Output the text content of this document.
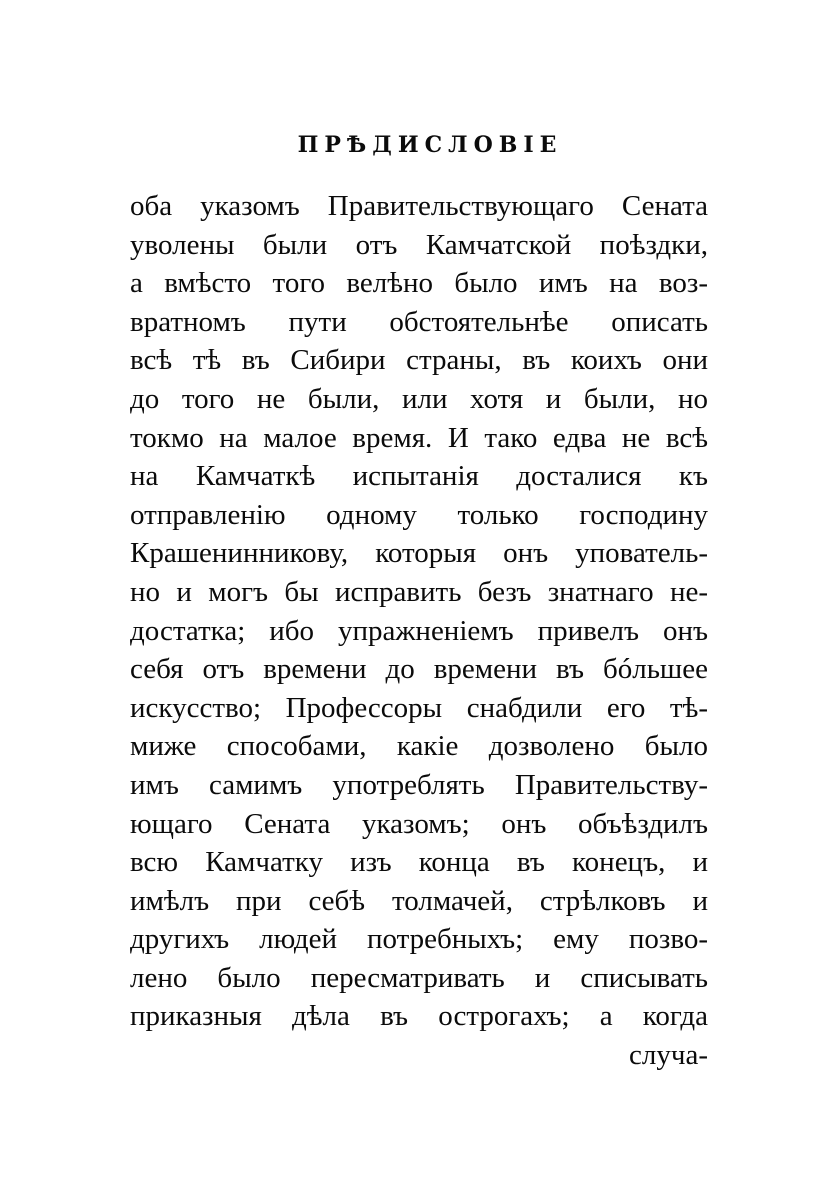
ПРѢДИСЛОВІЕ
оба указомъ Правительствующаго Сената
уволены были отъ Камчатской поѣздки,
а вмѣсто того велѣно было имъ на воз-
вратномъ пути обстоятельнѣе описать
всѣ тѣ въ Сибири страны, въ коихъ они
до того не были, или хотя и были, но
токмо на малое время. И тако едва не всѣ
на Камчаткѣ испытанія досталися къ
отправленію одному только господину
Крашенинникову, которыя онъ упователь-
но и могъ бы исправить безъ знатнаго не-
достатка; ибо упражненіемъ привелъ онъ
себя отъ времени до времени въ бóльшее
искусство; Професcоры снабдили его тѣ-
миже способами, какіе дозволено было
имъ самимъ употреблять Правительству-
ющаго Сената указомъ; онъ объѣздилъ
всю Камчатку изъ конца въ конецъ, и
имѣлъ при себѣ толмачей, стрѣлковъ и
другихъ людей потребныхъ; ему позво-
лено было пересматривать и списывать
приказныя дѣла въ острогахъ; а когда
случа-
